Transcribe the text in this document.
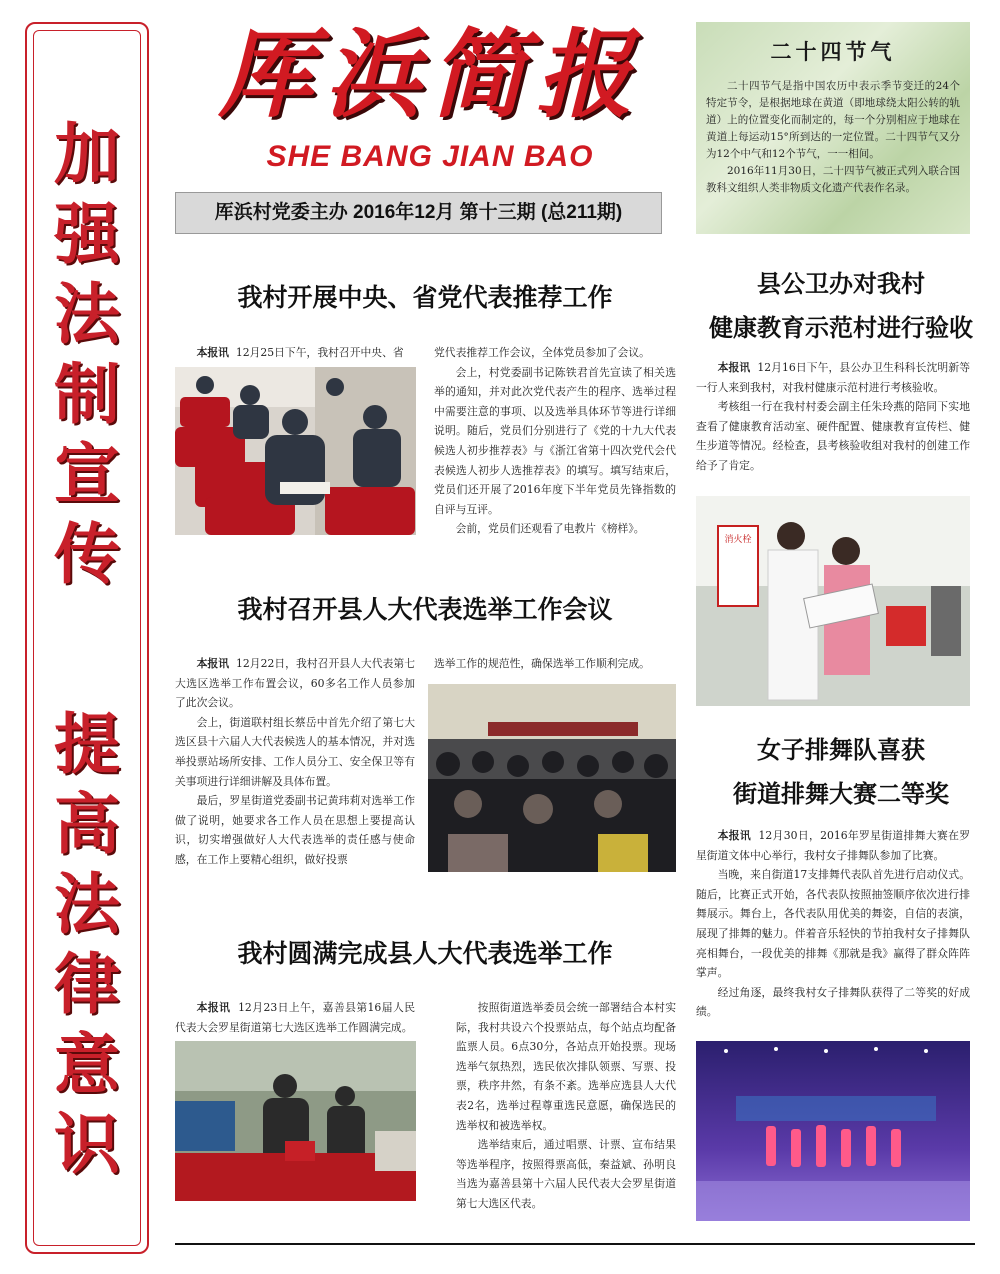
加
强
法
制
宣
传
提
高
法
律
意
识
厍浜简报
SHE BANG JIAN BAO
厍浜村党委主办 2016年12月 第十三期 (总211期)
二十四节气

二十四节气是指中国农历中表示季节变迁的24个特定节令，是根据地球在黄道（即地球绕太阳公转的轨道）上的位置变化而制定的，每一个分别相应于地球在黄道上每运动15°所到达的一定位置。二十四节气又分为12个中气和12个节气，一一相间。

2016年11月30日，二十四节气被正式列入联合国教科文组织人类非物质文化遗产代表作名录。

我村开展中央、省党代表推荐工作

本报讯 12月25日下午，我村召开中央、省	党代表推荐工作会议，全体党员参加了会议。

会上，村党委副书记陈铁君首先宣读了相关选举的通知，并对此次党代表产生的程序、选举过程中需要注意的事项、以及选举具体环节等进行详细说明。随后，党员们分别进行了《党的十九大代表候选人初步推荐表》与《浙江省第十四次党代会代表候选人初步人选推荐表》的填写。填写结束后，党员们还开展了2016年度下半年党员先锋指数的自评与互评。

会前，党员们还观看了电教片《榜样》。

我村召开县人大代表选举工作会议

本报讯 12月22日，我村召开县人大代表第七大选区选举工作布置会议，60多名工作人员参加了此次会议。

会上，街道联村组长蔡岳中首先介绍了第七大选区县十六届人大代表候选人的基本情况，并对选举投票站场所安排、工作人员分工、安全保卫等有关事项进行详细讲解及具体布置。

最后，罗星街道党委副书记黄玮莉对选举工作做了说明，她要求各工作人员在思想上要提高认识，切实增强做好人大代表选举的责任感与使命感，在工作上要精心组织，做好投票

选举工作的规范性，确保选举工作顺利完成。

我村圆满完成县人大代表选举工作

本报讯 12月23日上午，嘉善县第16届人民代表大会罗星街道第七大选区选举工作圆满完成。

按照街道选举委员会统一部署结合本村实际，我村共设六个投票站点，每个站点均配备监票人员。6点30分，各站点开始投票。现场选举气氛热烈，选民依次排队领票、写票、投票，秩序井然，有条不紊。选举应选县人大代表2名，选举过程尊重选民意愿，确保选民的选举权和被选举权。

选举结束后，通过唱票、计票、宣布结果等选举程序，按照得票高低，秦益斌、孙明良当选为嘉善县第十六届人民代表大会罗星街道第七大选区代表。

县公卫办对我村
健康教育示范村进行验收

本报讯 12月16日下午，县公办卫生科科长沈明新等一行人来到我村，对我村健康示范村进行考核验收。

考核组一行在我村村委会副主任朱玲燕的陪同下实地查看了健康教育活动室、硬件配置、健康教育宣传栏、健生步道等情况。经检查，县考核验收组对我村的创建工作给予了肯定。

消火栓
女子排舞队喜获
街道排舞大赛二等奖

本报讯 12月30日，2016年罗星街道排舞大赛在罗星街道文体中心举行，我村女子排舞队参加了比赛。

当晚，来自街道17支排舞代表队首先进行启动仪式。随后，比赛正式开始，各代表队按照抽签顺序依次进行排舞展示。舞台上，各代表队用优美的舞姿，自信的表演，展现了排舞的魅力。伴着音乐轻快的节拍我村女子排舞队亮相舞台，一段优美的排舞《那就是我》赢得了群众阵阵掌声。

经过角逐，最终我村女子排舞队获得了二等奖的好成绩。
